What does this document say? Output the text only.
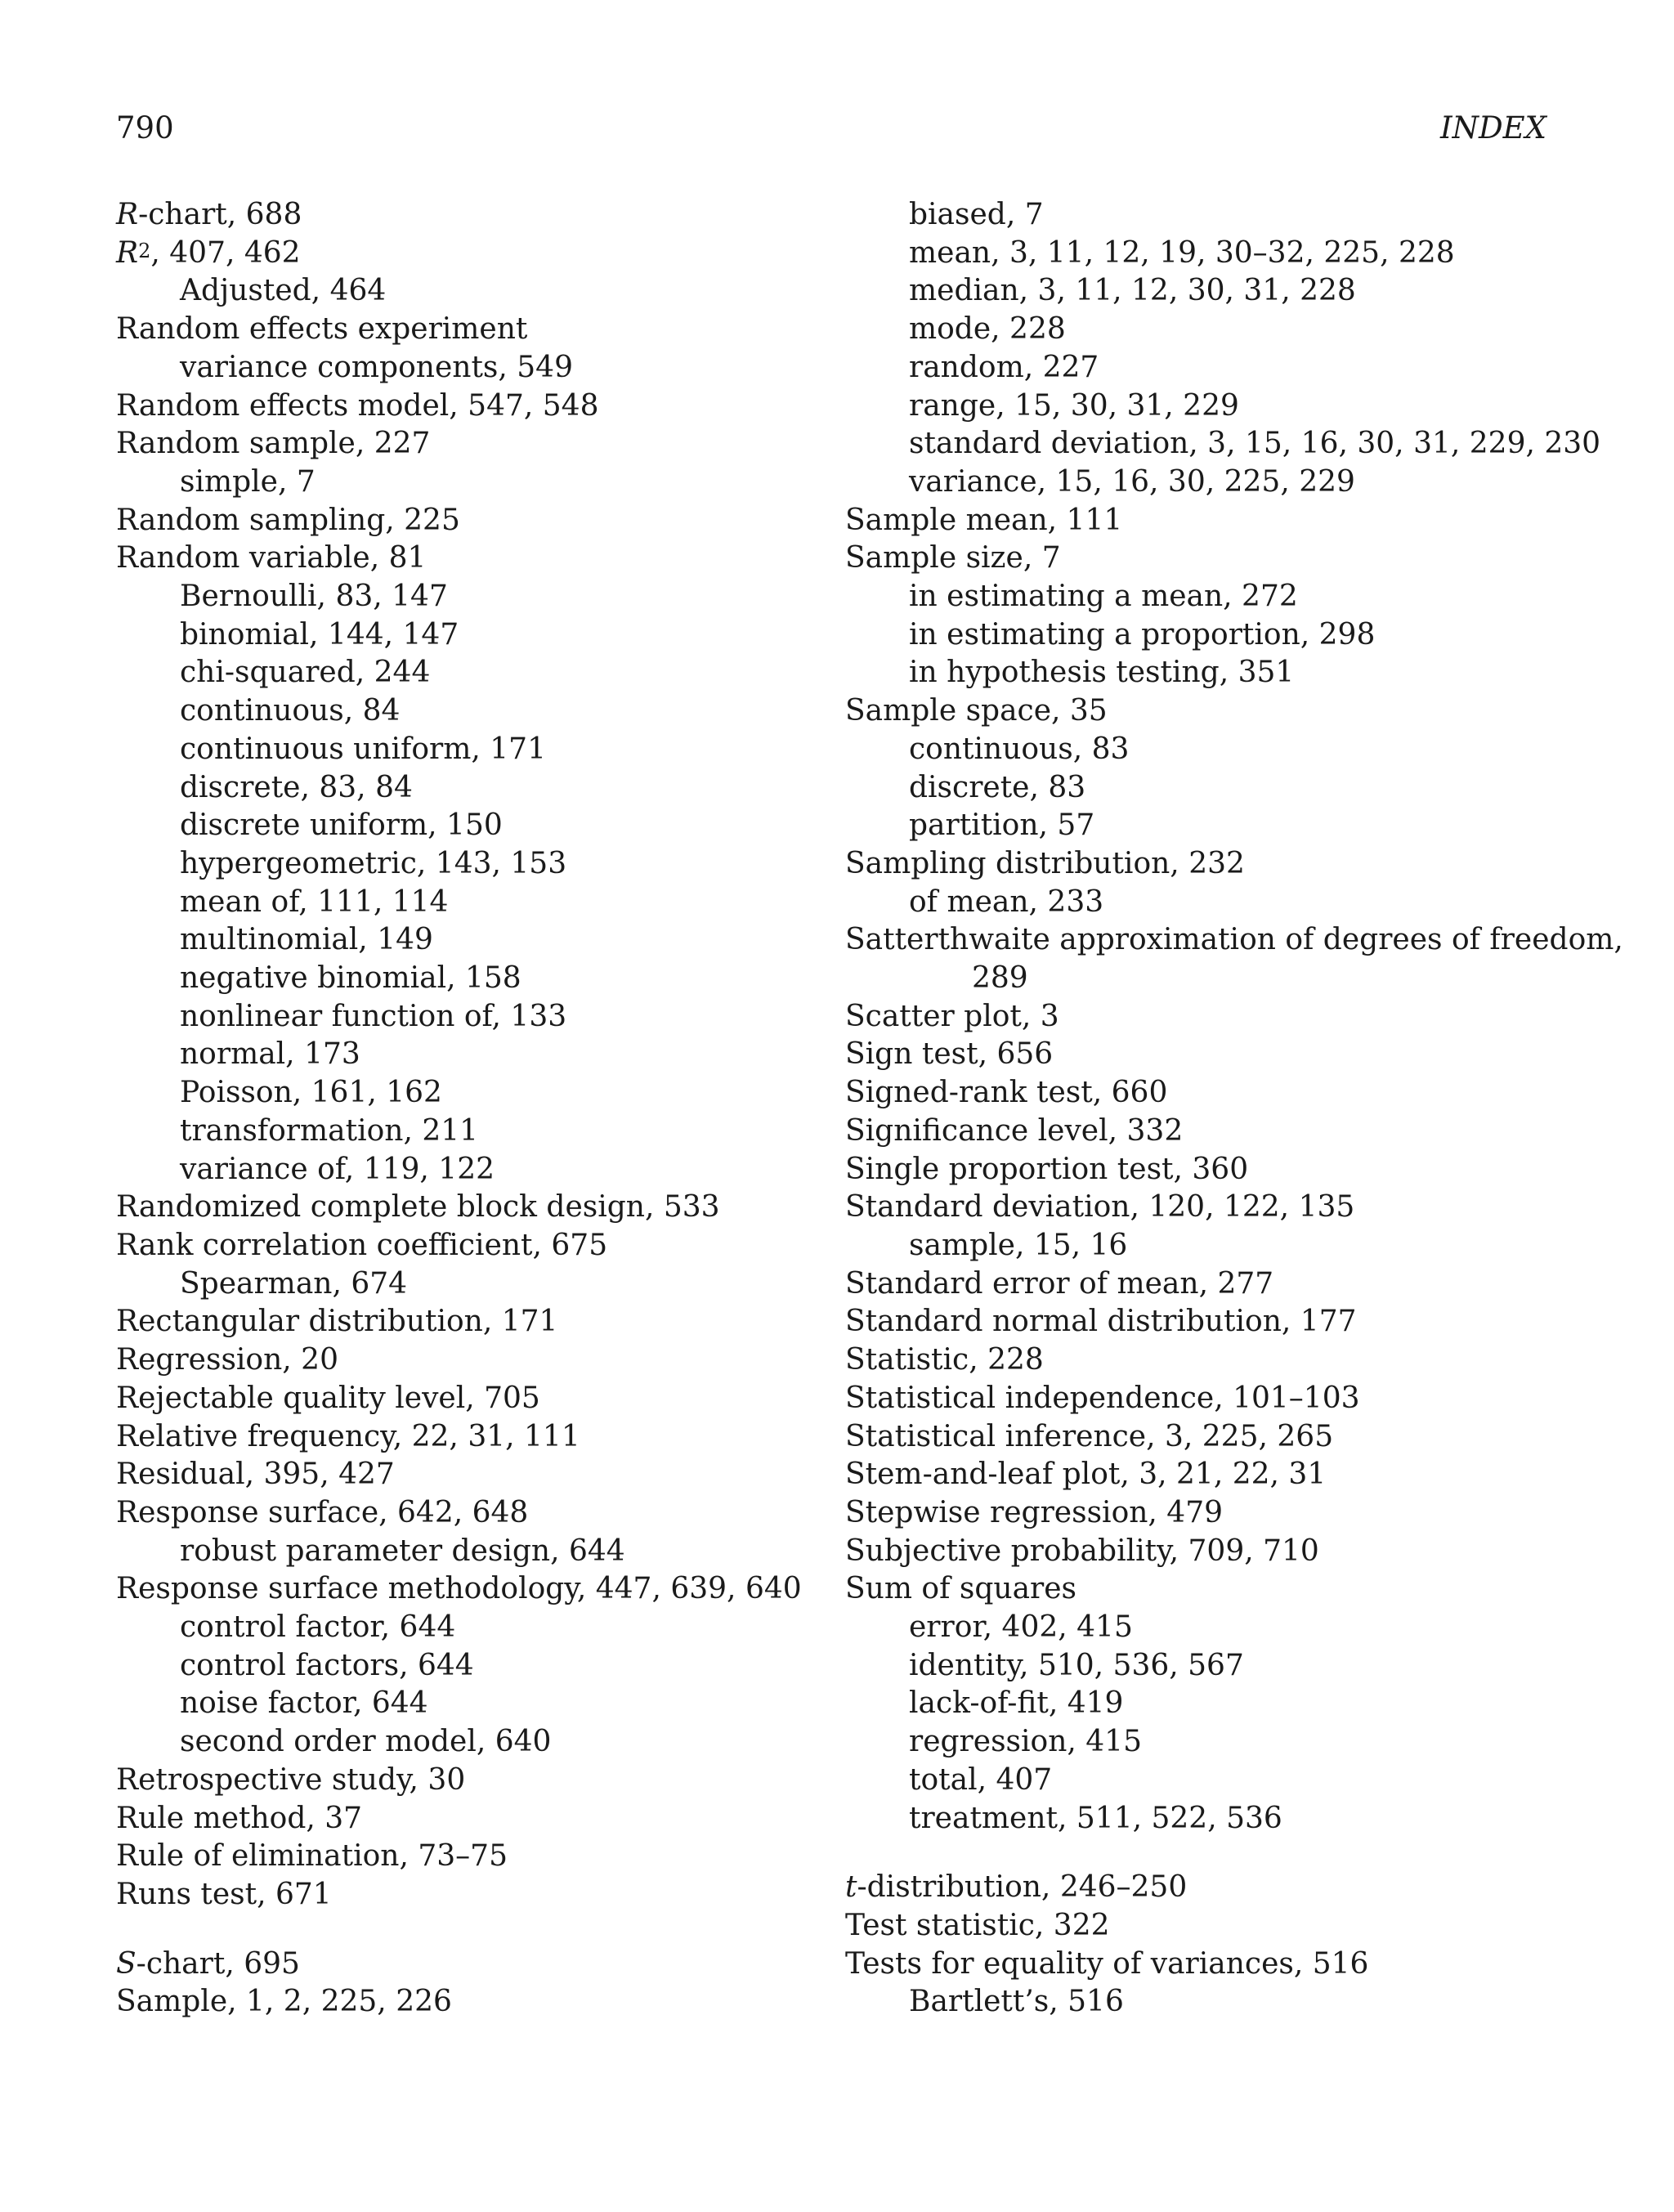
790	INDEX
R-chart, 688
$R^2$, 407, 462
Adjusted, 464
Random effects experiment
variance components, 549
Random effects model, 547, 548
Random sample, 227
simple, 7
Random sampling, 225
Random variable, 81
Bernoulli, 83, 147
binomial, 144, 147
chi-squared, 244
continuous, 84
continuous uniform, 171
discrete, 83, 84
discrete uniform, 150
hypergeometric, 143, 153
mean of, 111, 114
multinomial, 149
negative binomial, 158
nonlinear function of, 133
normal, 173
Poisson, 161, 162
transformation, 211
variance of, 119, 122
Randomized complete block design, 533
Rank correlation coefficient, 675
Spearman, 674
Rectangular distribution, 171
Regression, 20
Rejectable quality level, 705
Relative frequency, 22, 31, 111
Residual, 395, 427
Response surface, 642, 648
robust parameter design, 644
Response surface methodology, 447, 639, 640
control factor, 644
control factors, 644
noise factor, 644
second order model, 640
Retrospective study, 30
Rule method, 37
Rule of elimination, 73–75
Runs test, 671
S-chart, 695
Sample, 1, 2, 225, 226
biased, 7
mean, 3, 11, 12, 19, 30–32, 225, 228
median, 3, 11, 12, 30, 31, 228
mode, 228
random, 227
range, 15, 30, 31, 229
standard deviation, 3, 15, 16, 30, 31, 229, 230
variance, 15, 16, 30, 225, 229
Sample mean, 111
Sample size, 7
in estimating a mean, 272
in estimating a proportion, 298
in hypothesis testing, 351
Sample space, 35
continuous, 83
discrete, 83
partition, 57
Sampling distribution, 232
of mean, 233
Satterthwaite approximation of degrees of freedom,
289
Scatter plot, 3
Sign test, 656
Signed-rank test, 660
Significance level, 332
Single proportion test, 360
Standard deviation, 120, 122, 135
sample, 15, 16
Standard error of mean, 277
Standard normal distribution, 177
Statistic, 228
Statistical independence, 101–103
Statistical inference, 3, 225, 265
Stem-and-leaf plot, 3, 21, 22, 31
Stepwise regression, 479
Subjective probability, 709, 710
Sum of squares
error, 402, 415
identity, 510, 536, 567
lack-of-fit, 419
regression, 415
total, 407
treatment, 511, 522, 536
t-distribution, 246–250
Test statistic, 322
Tests for equality of variances, 516
Bartlett’s, 516
